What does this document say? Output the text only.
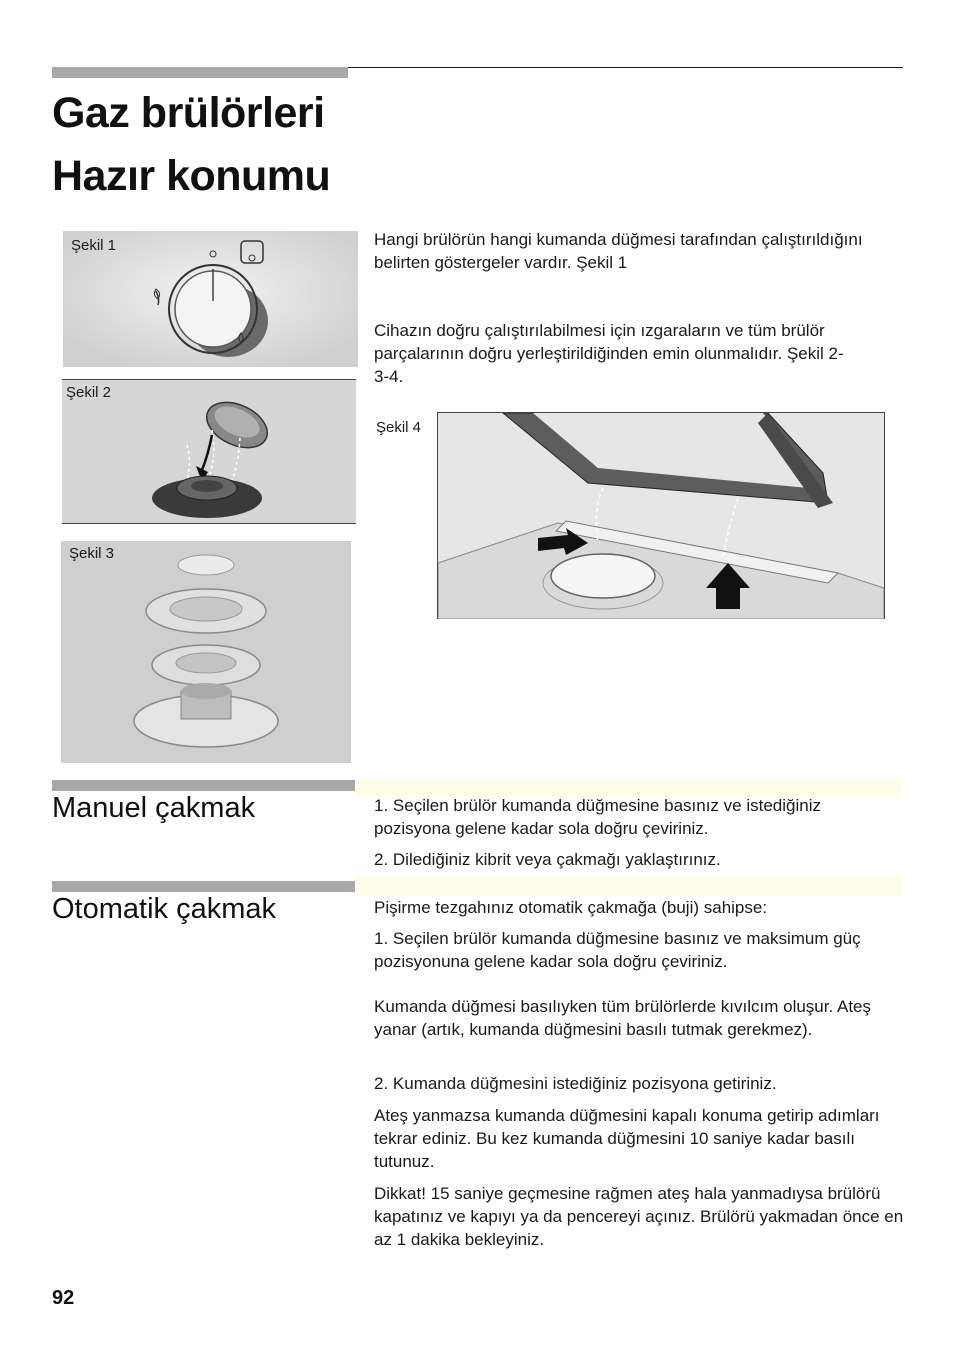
Gaz brülörleri
Hazır konumu
Şekil 1
Şekil 2
Şekil 3

Hangi brülörün hangi kumanda düğmesi tarafından çalıştırıldığını belirten göstergeler vardır. Şekil 1

Cihazın doğru çalıştırılabilmesi için ızgaraların ve tüm brülör parçalarının doğru yerleştirildiğinden emin olunmalıdır. Şekil 2-3-4.

Şekil 4
Manuel çakmak	1. Seçilen brülör kumanda düğmesine basınız ve istediğiniz pozisyona gelene kadar sola doğru çeviriniz.

2. Dilediğiniz kibrit veya çakmağı yaklaştırınız.

Otomatik çakmak	Pişirme tezgahınız otomatik çakmağa (buji) sahipse:

1. Seçilen brülör kumanda düğmesine basınız ve maksimum güç pozisyonuna gelene kadar sola doğru çeviriniz.

Kumanda düğmesi basılıyken tüm brülörlerde kıvılcım oluşur. Ateş yanar (artık, kumanda düğmesini basılı tutmak gerekmez).

2. Kumanda düğmesini istediğiniz pozisyona getiriniz.

Ateş yanmazsa kumanda düğmesini kapalı konuma getirip adımları tekrar ediniz. Bu kez kumanda düğmesini 10 saniye kadar basılı tutunuz.

Dikkat! 15 saniye geçmesine rağmen ateş hala yanmadıysa brülörü kapatınız ve kapıyı ya da pencereyi açınız. Brülörü yakmadan önce en az 1 dakika bekleyiniz.

92
